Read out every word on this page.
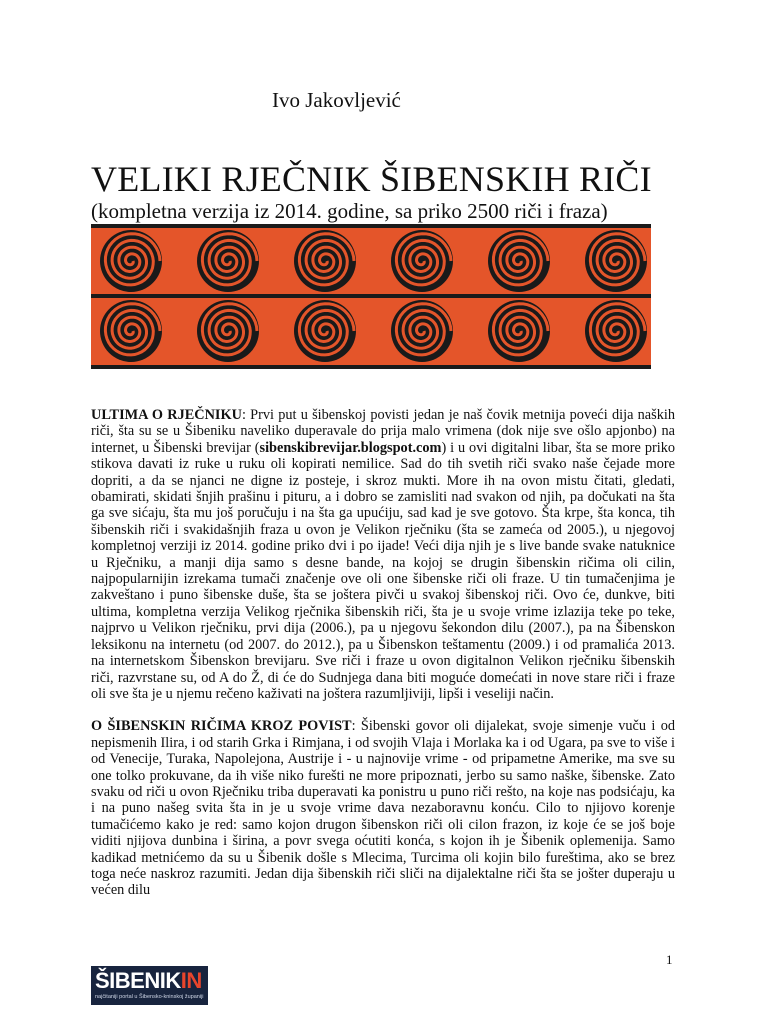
Ivo Jakovljević
VELIKI RJEČNIK ŠIBENSKIH RIČI
(kompletna verzija iz 2014. godine, sa priko 2500 riči i fraza)

ULTIMA O RJEČNIKU: Prvi put u šibenskoj povisti jedan je naš čovik metnija poveći dija naških riči, šta su se u Šibeniku naveliko duperavale do prija malo vrimena (dok nije sve ošlo apjonbo) na internet, u Šibenski brevijar (sibenskibrevijar.blogspot.com) i u ovi digitalni libar, šta se more priko stikova davati iz ruke u ruku oli kopirati nemilice. Sad do tih svetih riči svako naše čejade more dopriti, a da se njanci ne digne iz posteje, i skroz mukti. More ih na ovon mistu čitati, gledati, obamirati, skidati šnjih prašinu i pituru, a i dobro se zamisliti nad svakon od njih, pa dočukati na šta ga sve sićaju, šta mu još poručuju i na šta ga upućiju, sad kad je sve gotovo. Šta krpe, šta konca, tih šibenskih riči i svakidašnjih fraza u ovon je Velikon rječniku (šta se zamećа od 2005.), u njegovoj kompletnoj verziji iz 2014. godine priko dvi i po ijade! Veći dija njih je s live bande svake natuknice u Rječniku, a manji dija samo s desne bande, na kojoj se drugin šibenskin ričima oli cilin, najpopularnijin izrekama tumači značenje ove oli one šibenske riči oli fraze. U tin tumačenjima je zakveštano i puno šibenske duše, šta se joštera pivči u svakoj šibenskoj riči. Ovo će, dunkve, biti ultima, kompletna verzija Velikog rječnika šibenskih riči, šta je u svoje vrime izlazija teke po teke, najprvo u Velikon rječniku, prvi dija (2006.), pa u njegovu šekondon dilu (2007.), pa na Šibenskon leksikonu na internetu (od 2007. do 2012.), pa u Šibenskon teštamentu (2009.) i od pramalića 2013. na internetskom Šibenskon brevijaru. Sve riči i fraze u ovon digitalnon Velikon rječniku šibenskih riči, razvrstane su, od A do Ž, di će do Sudnjega dana biti moguće domećati in nove stare riči i fraze oli sve šta je u njemu rečeno kaživati na joštera razumljiviji, lipši i veseliji način.

O ŠIBENSKIN RIČIMA KROZ POVIST: Šibenski govor oli dijalekat, svoje simenje vuču i od nepismenih Ilira, i od starih Grka i Rimjana, i od svojih Vlaja i Morlaka ka i od Ugara, pa sve to više i od Venecije, Turaka, Napolejona, Austrije i - u najnovije vrime - od pripametne Amerike, ma sve su one tolko prokuvane, da ih više niko furešti ne more pripoznati, jerbo su samo naške, šibenske. Zato svaku od riči u ovon Rječniku triba duperavati ka ponistru u puno riči rešto, na koje nas podsićaju, ka i na puno našeg svita šta in je u svoje vrime dava nezaboravnu konću. Cilo to njijovo korenje tumačićemo kako je red: samo kojon drugon šibenskon riči oli cilon frazon, iz koje će se još boje viditi njijova dunbina i širina, a povr svega oćutiti konća, s kojon ih je Šibenik oplemenija. Samo kadikad metnićemo da su u Šibenik došle s Mlecima, Turcima oli kojin bilo fureštima, ako se brez toga neće naskroz razumiti. Jedan dija šibenskih riči sliči na dijalektalne riči šta se jošter duperaju u većen dilu

1
ŠIBENIKIN
najčitaniji portal u Šibensko-kninskoj županiji
